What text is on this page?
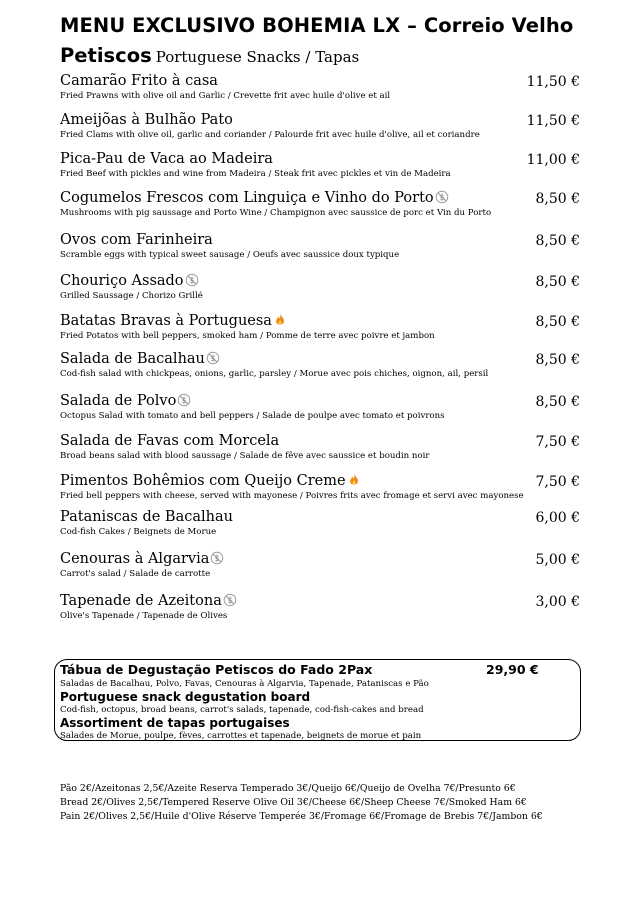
MENU EXCLUSIVO BOHEMIA LX – Correio Velho
Petiscos Portuguese Snacks / Tapas
Camarão Frito à casa	11,50 €
Fried Prawns with olive oil and Garlic / Crevette frit avec huile d'olive et ail
Ameijõas à Bulhão Pato	11,50 €
Fried Clams with olive oil, garlic and coriander / Palourde frit avec huile d'olive, ail et coriandre
Pica-Pau de Vaca ao Madeira	11,00 €
Fried Beef with pickles and wine from Madeira / Steak frit avec pickles et vin de Madeira
Cogumelos Frescos com Linguiça e Vinho do Porto	8,50 €
Mushrooms with pig saussage and Porto Wine / Champignon avec saussice de porc et Vin du Porto
Ovos com Farinheira	8,50 €
Scramble eggs with typical sweet sausage / Oeufs avec saussice doux typique
Chouriço Assado	8,50 €
Grilled Saussage / Chorizo Grillé
Batatas Bravas à Portuguesa	8,50 €
Fried Potatos with bell peppers, smoked ham / Pomme de terre avec poivre et jambon
Salada de Bacalhau	8,50 €
Cod-fish salad with chickpeas, onions, garlic, parsley / Morue avec pois chiches, oignon, ail, persil
Salada de Polvo	8,50 €
Octopus Salad with tomato and bell peppers / Salade de poulpe avec tomato et poivrons
Salada de Favas com Morcela	7,50 €
Broad beans salad with blood saussage / Salade de fêve avec saussice et boudin noir
Pimentos Bohêmios com Queijo Creme	7,50 €
Fried bell peppers with cheese, served with mayonese / Poivres frits avec fromage et servi avec mayonese
Pataniscas de Bacalhau	6,00 €
Cod-fish Cakes / Beignets de Morue
Cenouras à Algarvia	5,00 €
Carrot's salad / Salade de carrotte
Tapenade de Azeitona	3,00 €
Olive's Tapenade / Tapenade de Olives
Tábua de Degustação Petiscos do Fado 2Pax	29,90 €
Saladas de Bacalhau, Polvo, Favas, Cenouras à Algarvia, Tapenade, Pataniscas e Pão
Portuguese snack degustation board
Cod-fish, octopus, broad beans, carrot's salads, tapenade, cod-fish-cakes and bread
Assortiment de tapas portugaises
Salades de Morue, poulpe, fèves, carrottes et tapenade, beignets de morue et pain
Pão 2€/Azeitonas 2,5€/Azeite Reserva Temperado 3€/Queijo 6€/Queijo de Ovelha 7€/Presunto 6€
Bread 2€/Olives 2,5€/Tempered Reserve Olive Oil 3€/Cheese 6€/Sheep Cheese 7€/Smoked Ham 6€
Pain 2€/Olives 2,5€/Huile d'Olive Réserve Temperée 3€/Fromage 6€/Fromage de Brebis 7€/Jambon 6€
